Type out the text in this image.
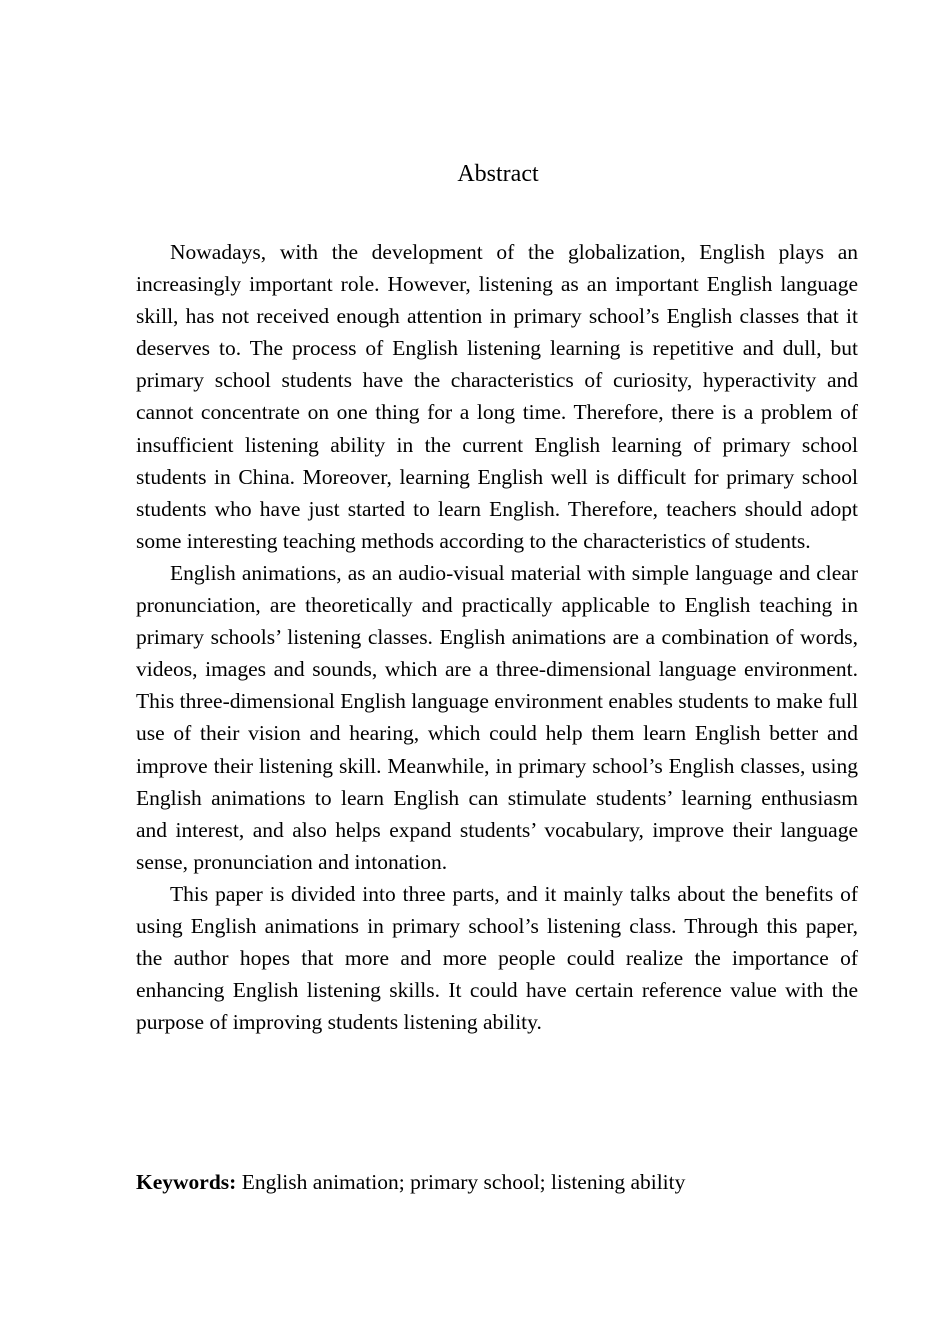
Abstract

Nowadays, with the development of the globalization, English plays an increasingly important role. However, listening as an important English language skill, has not received enough attention in primary school’s English classes that it deserves to. The process of English listening learning is repetitive and dull, but primary school students have the characteristics of curiosity, hyperactivity and cannot concentrate on one thing for a long time. Therefore, there is a problem of insufficient listening ability in the current English learning of primary school students in China. Moreover, learning English well is difficult for primary school students who have just started to learn English. Therefore, teachers should adopt some interesting teaching methods according to the characteristics of students.

English animations, as an audio-visual material with simple language and clear pronunciation, are theoretically and practically applicable to English teaching in primary schools’ listening classes. English animations are a combination of words, videos, images and sounds, which are a three-dimensional language environment. This three-dimensional English language environment enables students to make full use of their vision and hearing, which could help them learn English better and improve their listening skill. Meanwhile, in primary school’s English classes, using English animations to learn English can stimulate students’ learning enthusiasm and interest, and also helps expand students’ vocabulary, improve their language sense, pronunciation and intonation.

This paper is divided into three parts, and it mainly talks about the benefits of using English animations in primary school’s listening class. Through this paper, the author hopes that more and more people could realize the importance of enhancing English listening skills. It could have certain reference value with the purpose of improving students listening ability.

Keywords: English animation; primary school; listening ability
